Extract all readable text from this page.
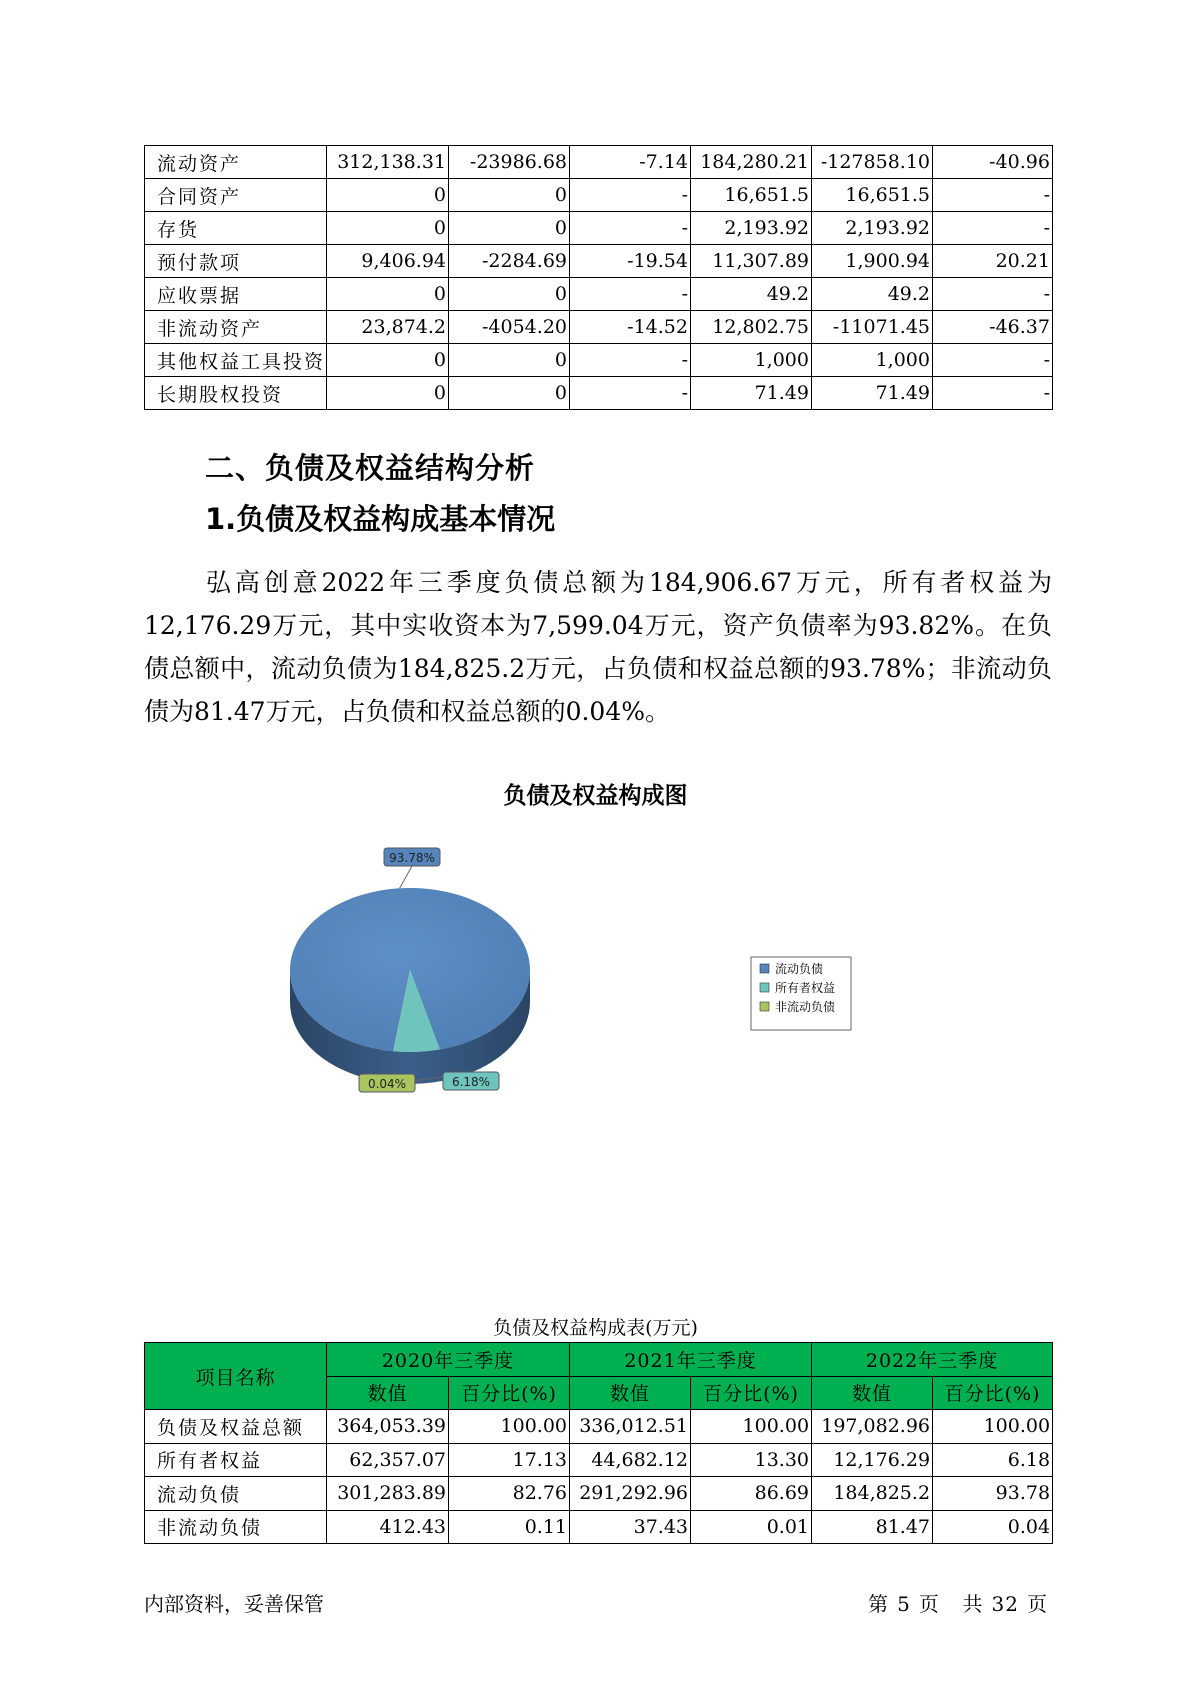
流动资产	312,138.31	-23986.68	-7.14	184,280.21	-127858.10	-40.96
合同资产	0	0	-	16,651.5	16,651.5	-
存货	0	0	-	2,193.92	2,193.92	-
预付款项	9,406.94	-2284.69	-19.54	11,307.89	1,900.94	20.21
应收票据	0	0	-	49.2	49.2	-
非流动资产	23,874.2	-4054.20	-14.52	12,802.75	-11071.45	-46.37
其他权益工具投资	0	0	-	1,000	1,000	-
长期股权投资	0	0	-	71.49	71.49	-
二、负债及权益结构分析
1.负债及权益构成基本情况

弘高创意2022年三季度负债总额为184,906.67万元，所有者权益为12,176.29万元，其中实收资本为7,599.04万元，资产负债率为93.82%。在负债总额中，流动负债为184,825.2万元，占负债和权益总额的93.78%；非流动负债为81.47万元，占负债和权益总额的0.04%。

负债及权益构成图
93.78%
6.18%
0.04%
流动负债
所有者权益
非流动负债
负债及权益构成表(万元)
项目名称	2020年三季度		2021年三季度		2022年三季度	
	数值	百分比(%)	数值	百分比(%)	数值	百分比(%)
负债及权益总额	364,053.39	100.00	336,012.51	100.00	197,082.96	100.00
所有者权益	62,357.07	17.13	44,682.12	13.30	12,176.29	6.18
流动负债	301,283.89	82.76	291,292.96	86.69	184,825.2	93.78
非流动负债	412.43	0.11	37.43	0.01	81.47	0.04
内部资料，妥善保管	第 5 页 共 32 页
